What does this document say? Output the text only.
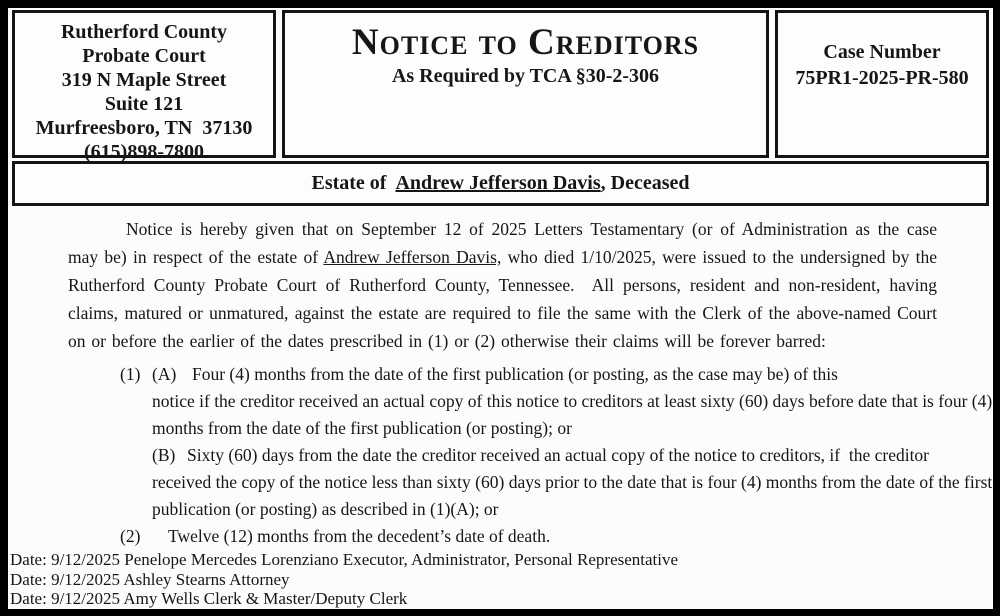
Rutherford County
Probate Court
319 N Maple Street
Suite 121
Murfreesboro, TN  37130
(615)898-7800
Notice to Creditors
As Required by TCA §30-2-306
Case Number
75PR1-2025-PR-580
Estate of Andrew Jefferson Davis, Deceased

Notice is hereby given that on September 12 of 2025 Letters Testamentary (or of Administration as the case may be) in respect of the estate of Andrew Jefferson Davis, who died 1/10/2025, were issued to the undersigned by the Rutherford County Probate Court of Rutherford County, Tennessee.  All persons, resident and non-resident, having claims, matured or unmatured, against the estate are required to file the same with the Clerk of the above-named Court on or before the earlier of the dates prescribed in (1) or (2) otherwise their claims will be forever barred:

(1) (A) Four (4) months from the date of the first publication (or posting, as the case may be) of this
notice if the creditor received an actual copy of this notice to creditors at least sixty (60) days before date that is four (4)
months from the date of the first publication (or posting); or
(B) Sixty (60) days from the date the creditor received an actual copy of the notice to creditors, if  the creditor
received the copy of the notice less than sixty (60) days prior to the date that is four (4) months from the date of the first
publication (or posting) as described in (1)(A); or
(2) Twelve (12) months from the decedent’s date of death.
Date: 9/12/2025 Penelope Mercedes Lorenziano Executor, Administrator, Personal Representative
Date: 9/12/2025 Ashley Stearns Attorney
Date: 9/12/2025 Amy Wells Clerk & Master/Deputy Clerk
